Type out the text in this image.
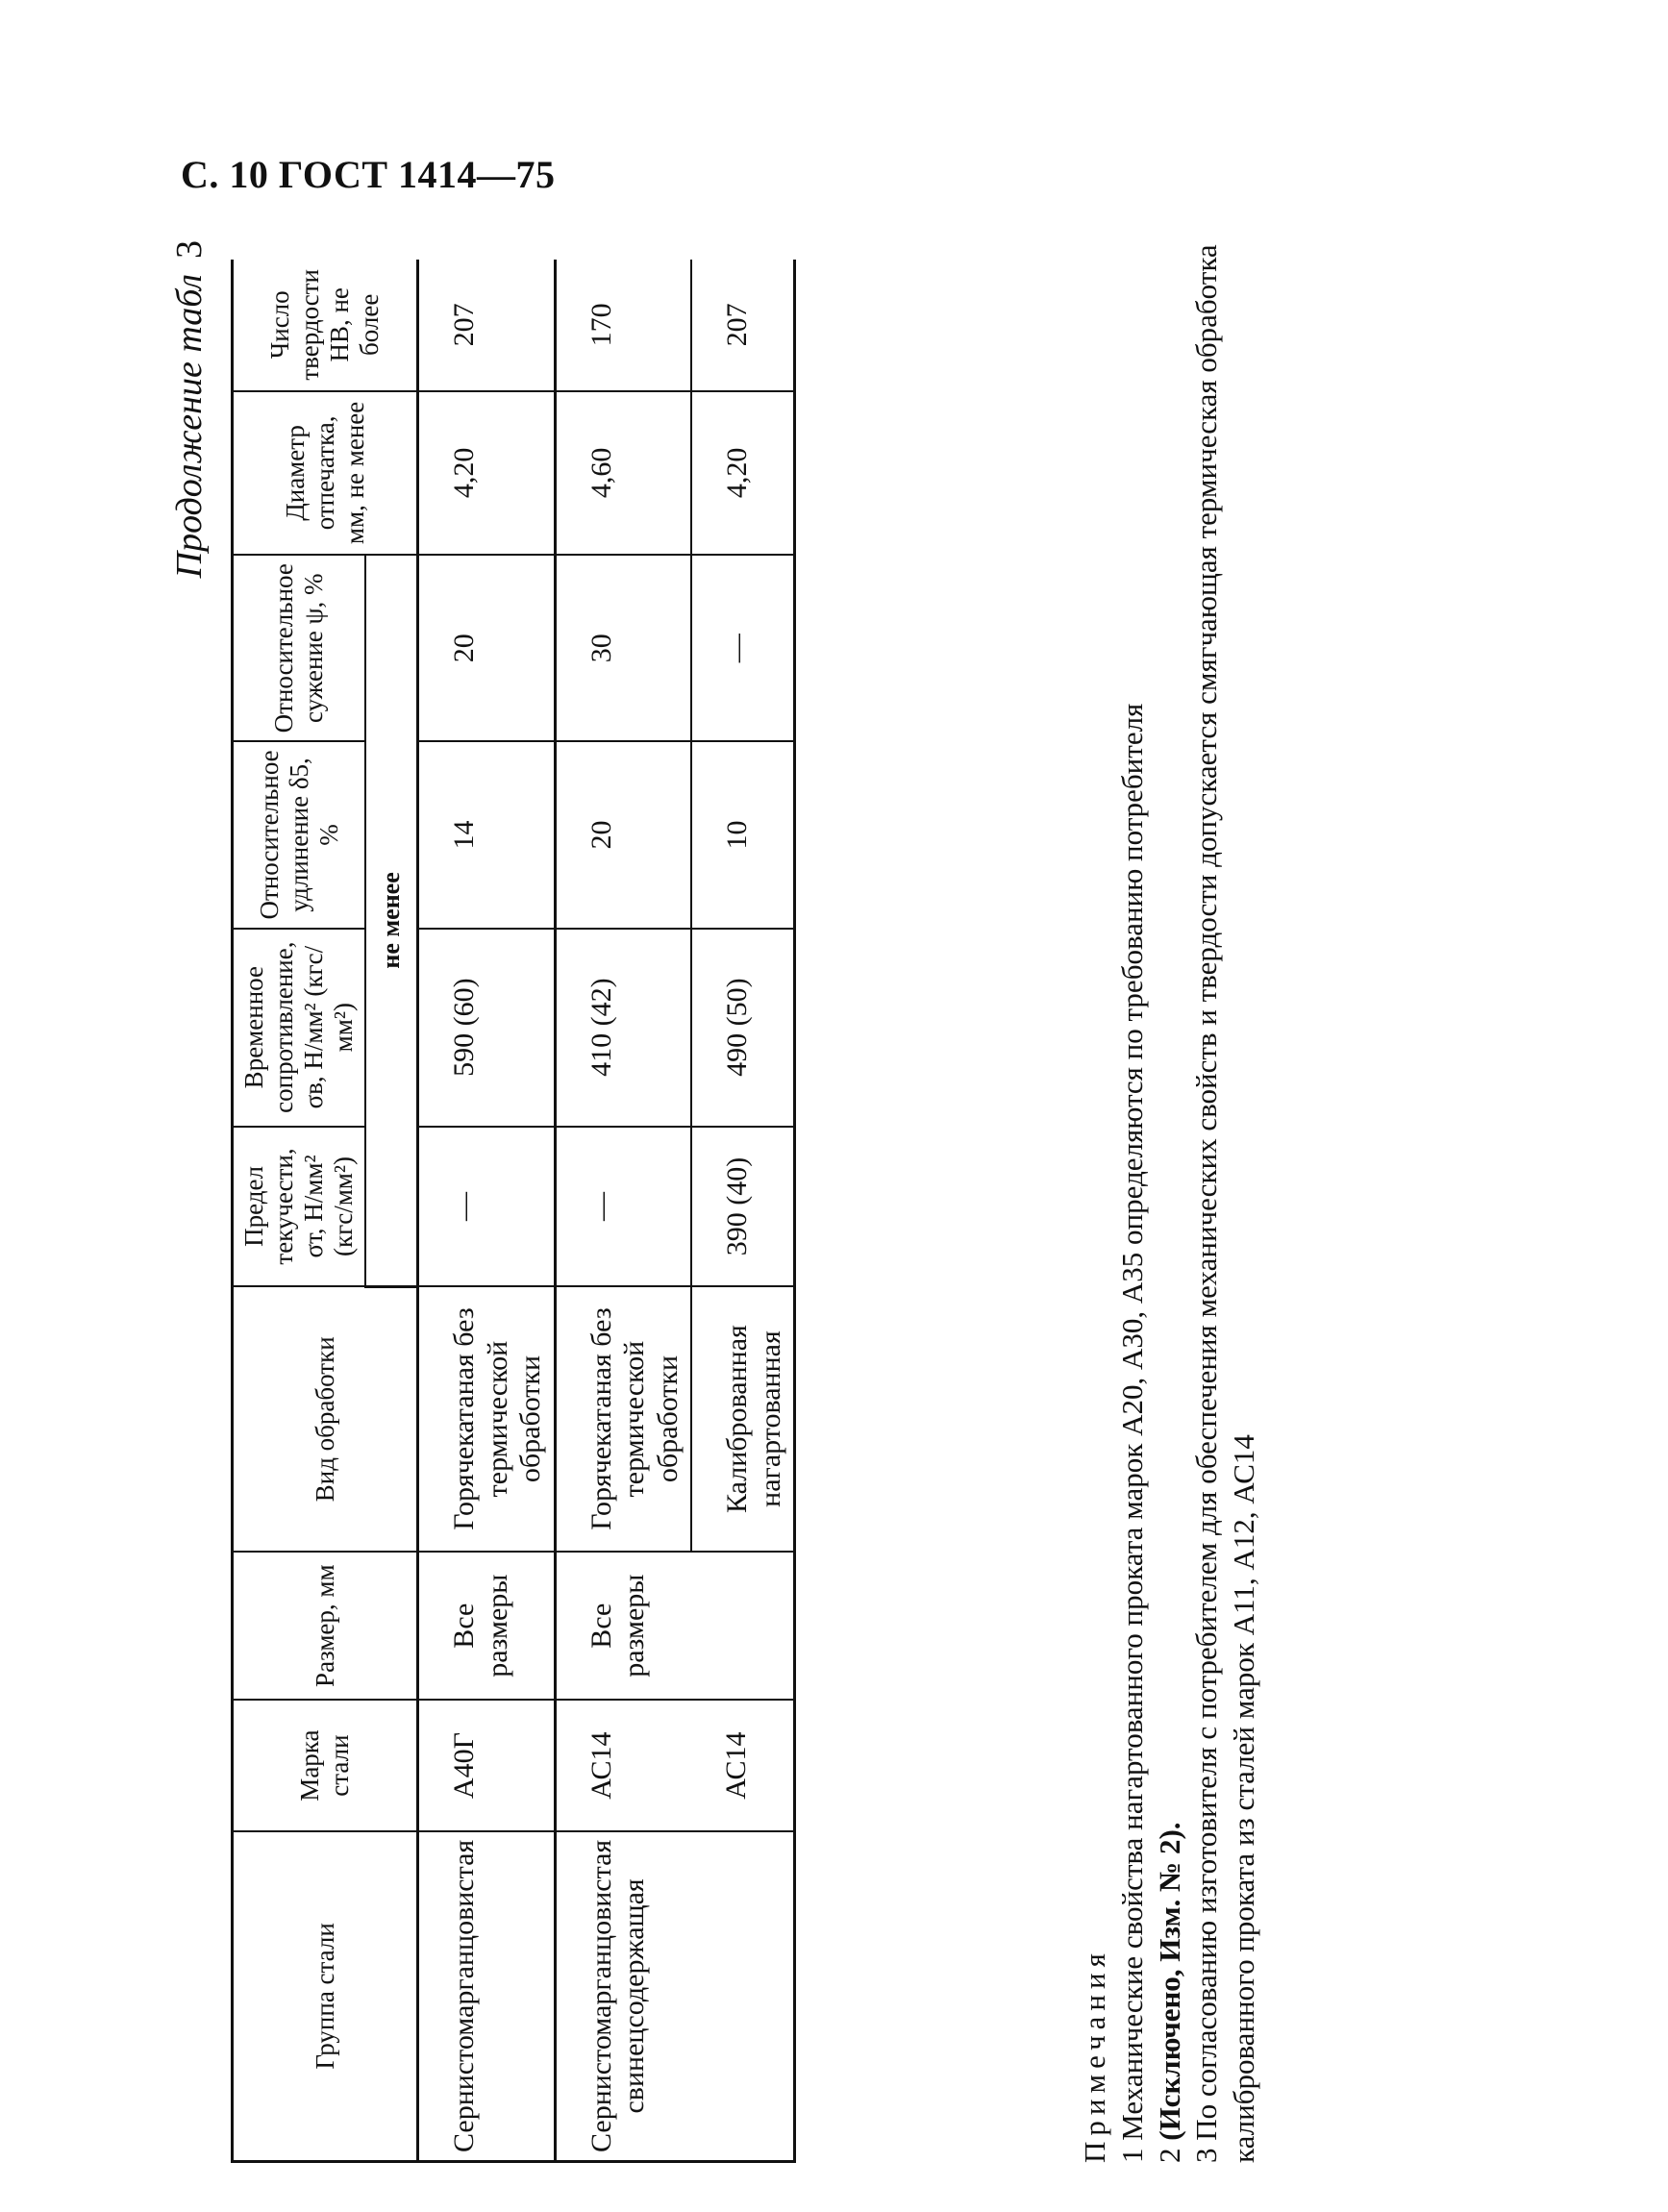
С. 10 ГОСТ 1414—75
Продолжение табл3
Группа стали	Марка стали	Размер, мм	Вид обработки	Предел текучести, σт, Н/мм² (кгс/мм²)	Временное сопротивление, σв, Н/мм² (кгс/мм²)	Относительное удлинение δ5, %	Относительное сужение ψ, %	Диаметр отпечатка, мм, не менее	Число твердости НВ, не более
				не менее					
Сернистомарганцовистая	А40Г	Все размеры	Горячекатаная без термической обработки	—	590 (60)	14	20	4,20	207
Сернистомарганцовистая свинецсодержащая	АС14	Все размеры	Горячекатаная без термической обработки	—	410 (42)	20	30	4,60	170
	АС14		Калиброванная нагартованная	390 (40)	490 (50)	10	—	4,20	207

Примечания 1 Механические свойства нагартованного проката марок А20, А30, А35 определяются по требованию потребителя 2 (Исключено, Изм. № 2). 3 По согласованию изготовителя с потребителем для обеспечения механических свойств и твердости допускается смягчающая термическая обработка калиброванного проката из сталей марок А11, А12, АС14
